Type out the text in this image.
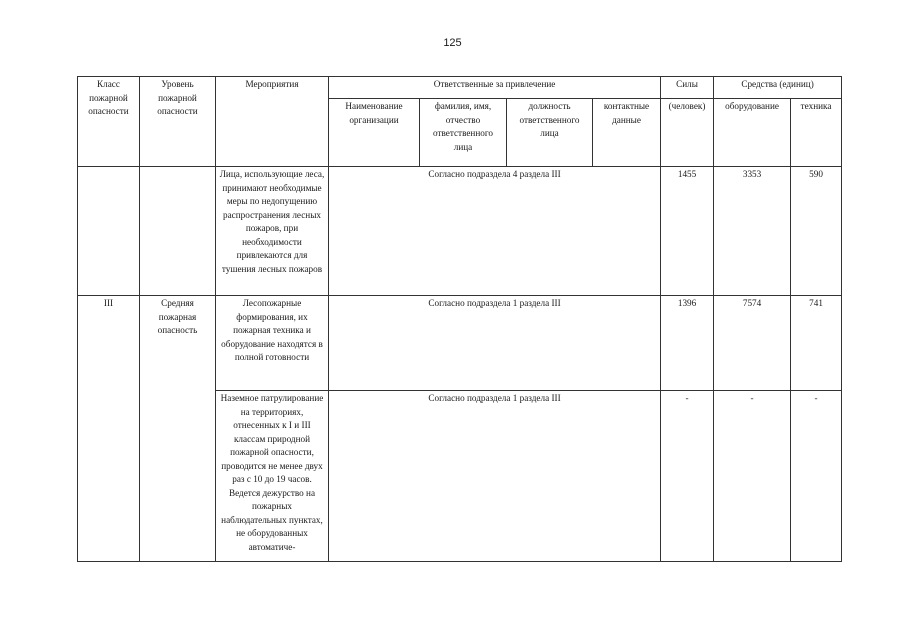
125
Класс пожарной опасности	Уровень пожарной опасности	Мероприятия	Ответственные за привлечение				Силы	Средства (единиц)	
			Наименование организации	фамилия, имя, отчество ответственного лица	должность ответственного лица	контактные данные	(человек)	оборудование	техника
		Лица, использующие леса, принимают необходимые меры по недопущению распространения лесных пожаров, при необходимости привлекаются для тушения лесных пожаров	Согласно подраздела 4 раздела III				1455	3353	590
III	Средняя пожарная опасность	Лесопожарные формирования, их пожарная техника и оборудование находятся в полной готовности	Согласно подраздела 1 раздела III				1396	7574	741
		Наземное патрулирование на территориях, отнесенных к I и III классам природной пожарной опасности, проводится не менее двух раз с 10 до 19 часов. Ведется дежурство на пожарных наблюдательных пунктах, не оборудованных автоматиче-	Согласно подраздела 1 раздела III				-	-	-
